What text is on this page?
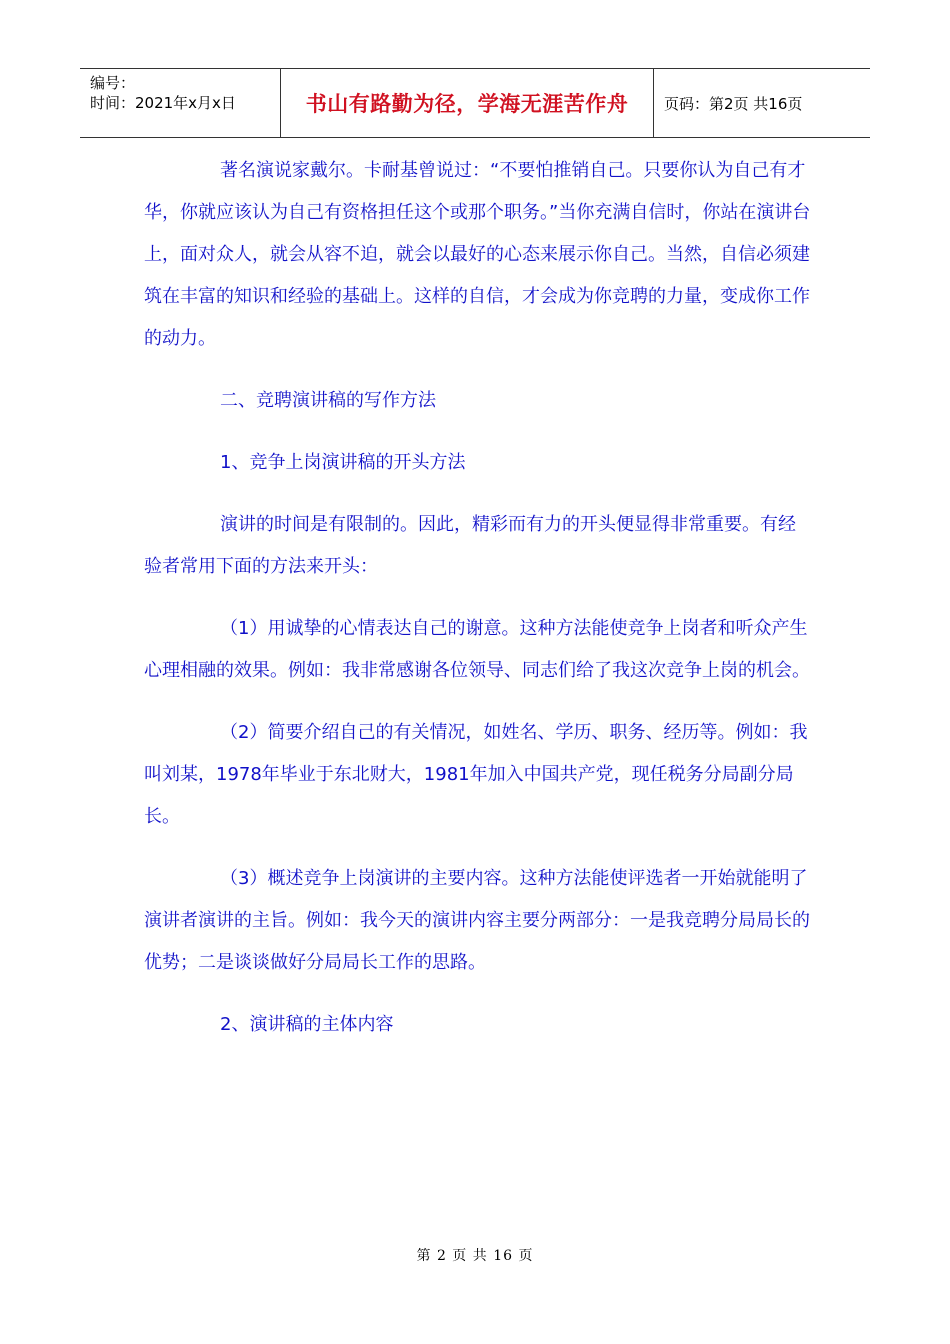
编号：
时间：2021年x月x日	书山有路勤为径，学海无涯苦作舟	页码：第2页 共16页

著名演说家戴尔。卡耐基曾说过：“不要怕推销自己。只要你认为自己有才华，你就应该认为自己有资格担任这个或那个职务。”当你充满自信时，你站在演讲台上，面对众人，就会从容不迫，就会以最好的心态来展示你自己。当然，自信必须建筑在丰富的知识和经验的基础上。这样的自信，才会成为你竞聘的力量，变成你工作的动力。

二、竞聘演讲稿的写作方法

1、竞争上岗演讲稿的开头方法

演讲的时间是有限制的。因此，精彩而有力的开头便显得非常重要。有经验者常用下面的方法来开头：

（1）用诚挚的心情表达自己的谢意。这种方法能使竞争上岗者和听众产生心理相融的效果。例如：我非常感谢各位领导、同志们给了我这次竞争上岗的机会。

（2）简要介绍自己的有关情况，如姓名、学历、职务、经历等。例如：我叫刘某，1978年毕业于东北财大，1981年加入中国共产党，现任税务分局副分局长。

（3）概述竞争上岗演讲的主要内容。这种方法能使评选者一开始就能明了演讲者演讲的主旨。例如：我今天的演讲内容主要分两部分：一是我竞聘分局局长的优势；二是谈谈做好分局局长工作的思路。

2、演讲稿的主体内容

第 2 页 共 16 页
